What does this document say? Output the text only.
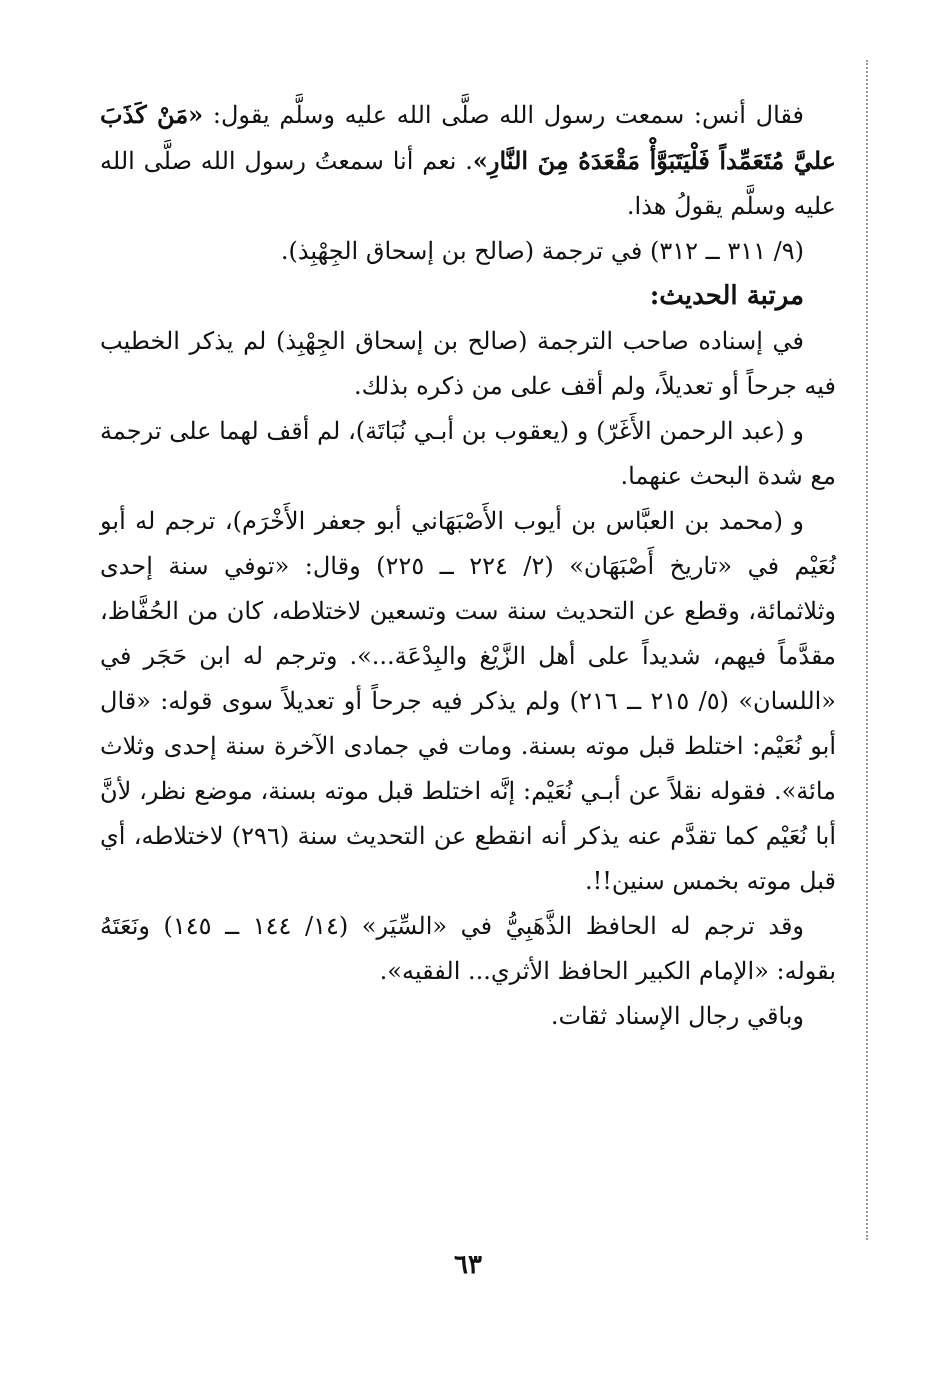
فقال أنس: سمعت رسول الله صلَّى الله عليه وسلَّم يقول: «مَنْ كَذَبَ عليَّ مُتَعَمِّداً فَلْيَتَبَوَّأْ مَقْعَدَهُ مِنَ النَّارِ». نعم أنا سمعتُ رسول الله صلَّى الله عليه وسلَّم يقولُ هذا.

(٩/ ٣١١ ــ ٣١٢) في ترجمة (صالح بن إسحاق الجِهْبِذ).

مرتبة الحديث:

في إسناده صاحب الترجمة (صالح بن إسحاق الجِهْبِذ) لم يذكر الخطيب فيه جرحاً أو تعديلاً، ولم أقف على من ذكره بذلك.

و (عبد الرحمن الأَغَرّ) و (يعقوب بن أبـي نُبَاتَة)، لم أقف لهما على ترجمة مع شدة البحث عنهما.

و (محمد بن العبَّاس بن أيوب الأَصْبَهَاني أبو جعفر الأَخْرَم)، ترجم له أبو نُعَيْم في «تاريخ أَصْبَهَان» (٢/ ٢٢٤ ــ ٢٢٥) وقال: «توفي سنة إحدى وثلاثمائة، وقطع عن التحديث سنة ست وتسعين لاختلاطه، كان من الحُفَّاظ، مقدَّماً فيهم، شديداً على أهل الزَّيْغ والبِدْعَة...». وترجم له ابن حَجَر في «اللسان» (٥/ ٢١٥ ــ ٢١٦) ولم يذكر فيه جرحاً أو تعديلاً سوى قوله: «قال أبو نُعَيْم: اختلط قبل موته بسنة. ومات في جمادى الآخرة سنة إحدى وثلاث مائة». فقوله نقلاً عن أبـي نُعَيْم: إنَّه اختلط قبل موته بسنة، موضع نظر، لأنَّ أبا نُعَيْم كما تقدَّم عنه يذكر أنه انقطع عن التحديث سنة (٢٩٦) لاختلاطه، أي قبل موته بخمس سنين!!.

وقد ترجم له الحافظ الذَّهَبِيُّ في «السِّيَر» (١٤/ ١٤٤ ــ ١٤٥) ونَعَتَهُ بقوله: «الإمام الكبير الحافظ الأثري... الفقيه».

وباقي رجال الإسناد ثقات.

٦٣
